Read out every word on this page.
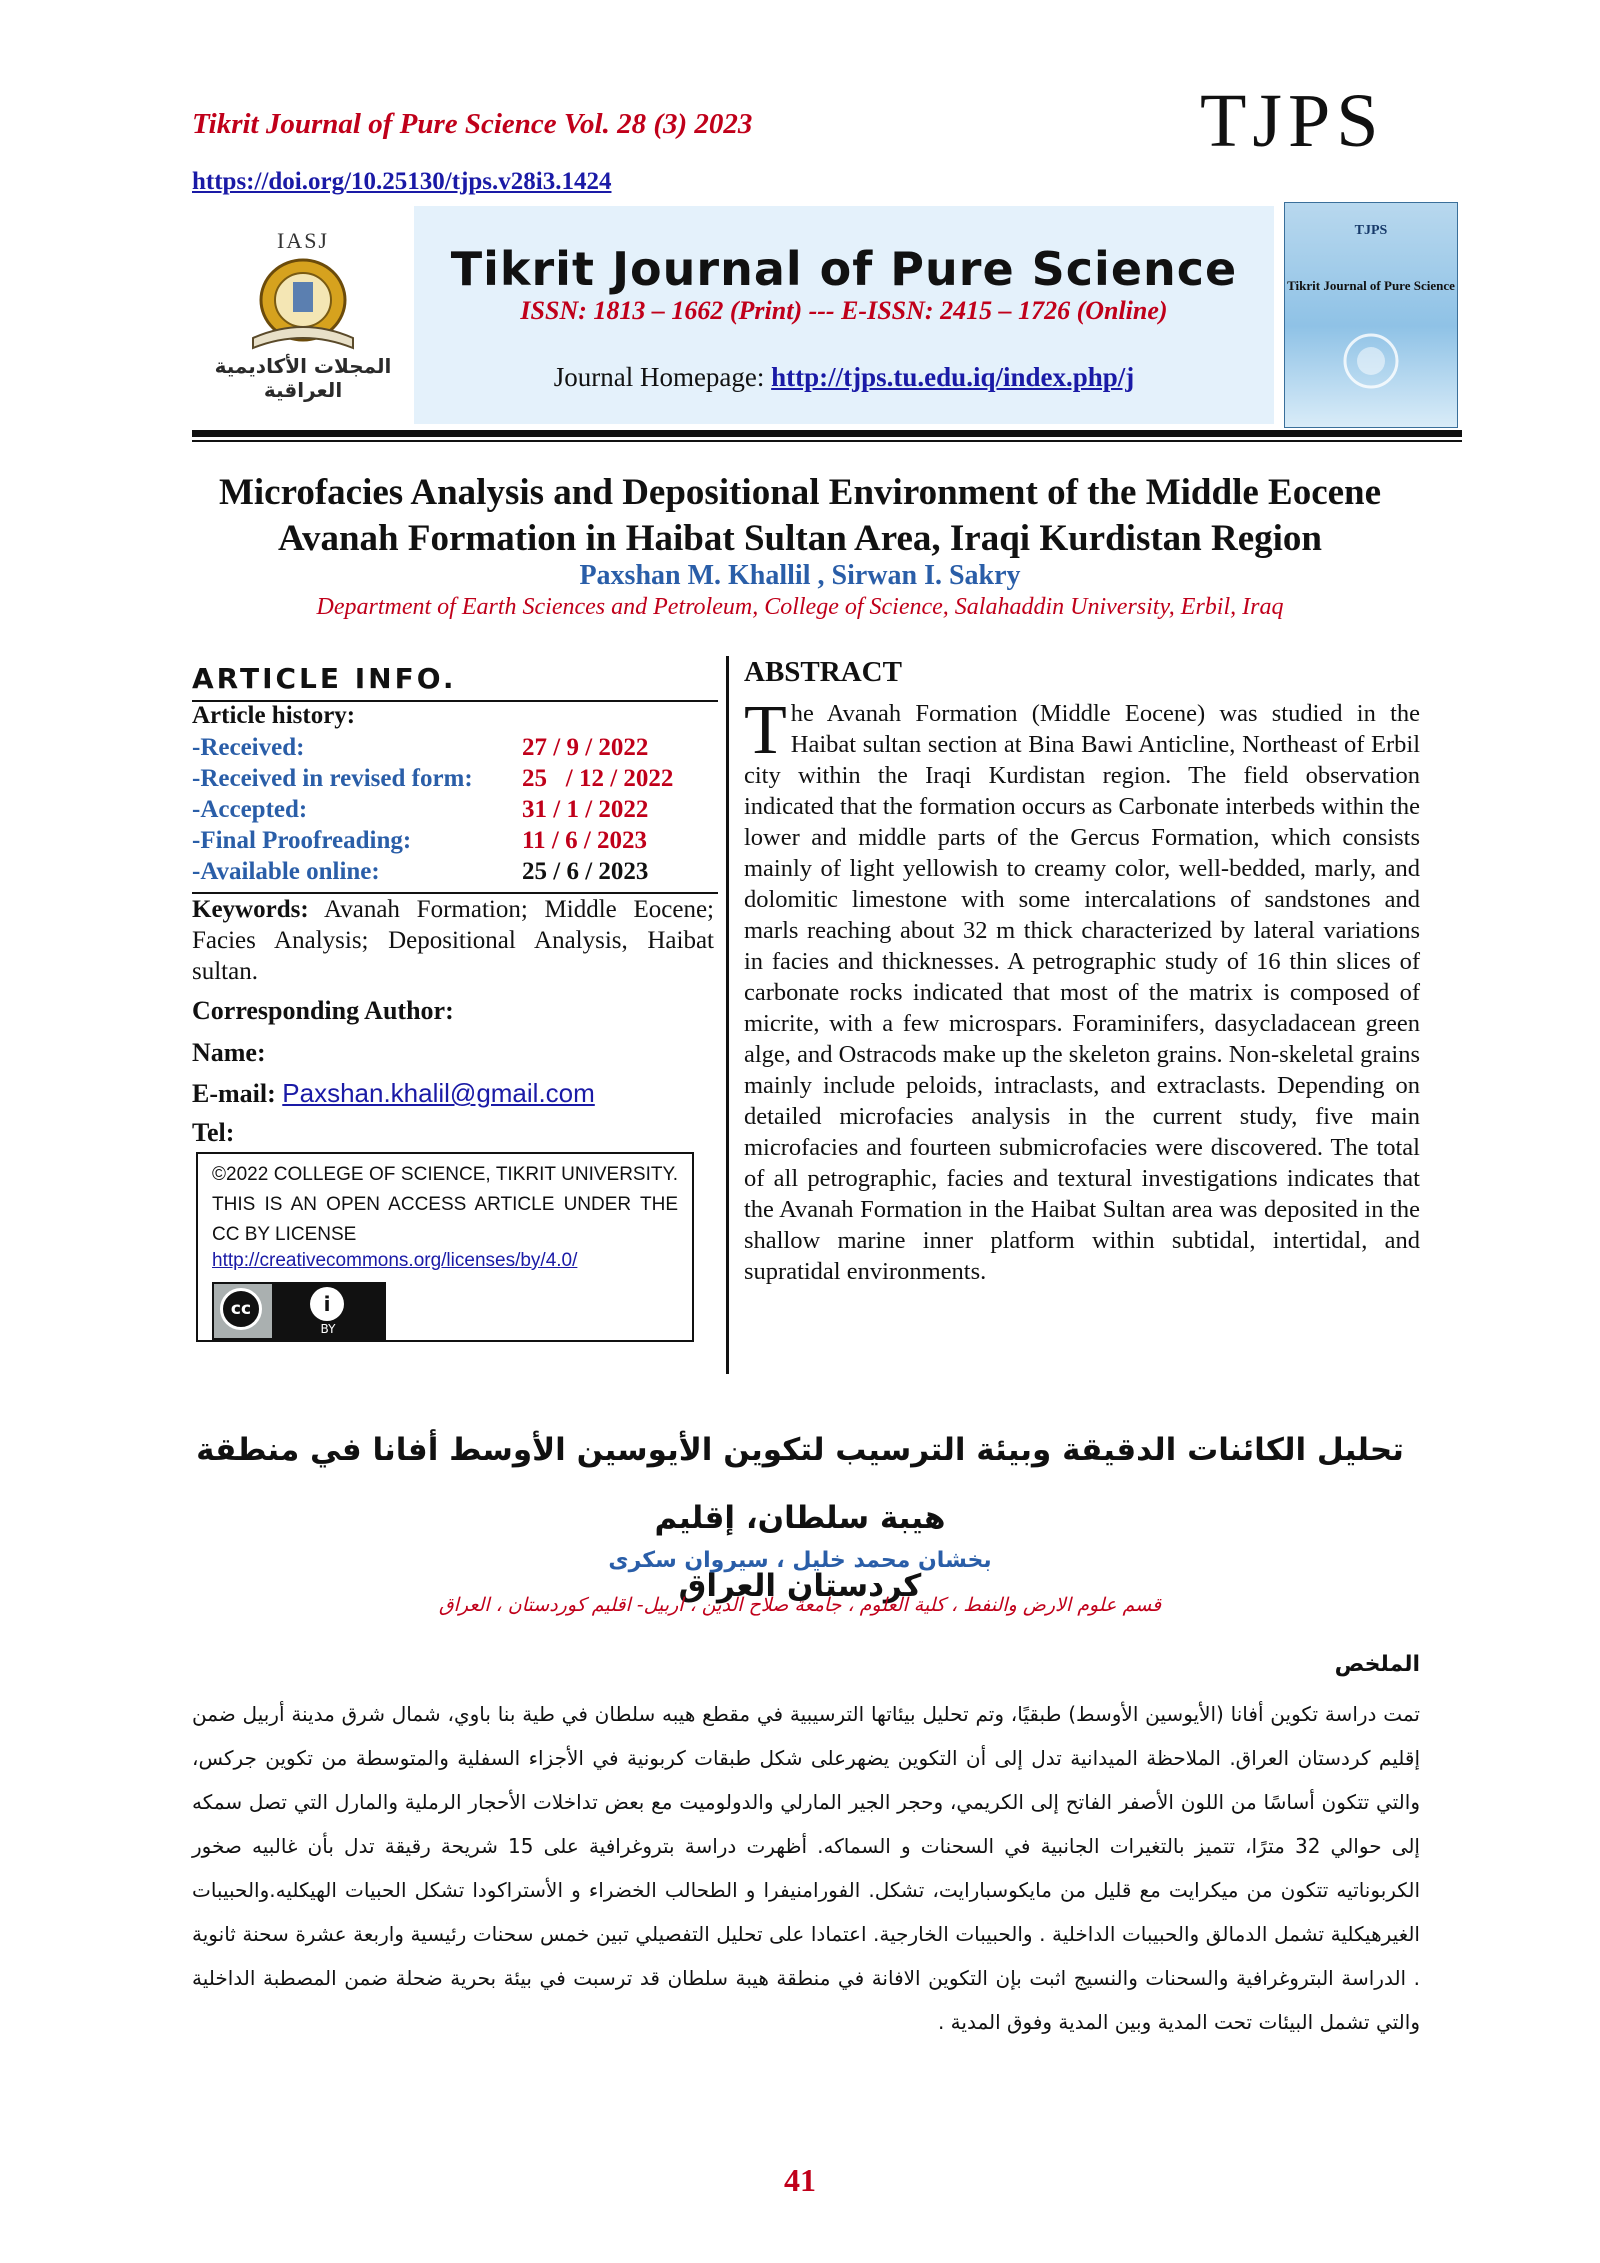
Tikrit Journal of Pure Science Vol. 28 (3) 2023
https://doi.org/10.25130/tjps.v28i3.1424
TJPS
IASJ
المجلات الأكاديمية العراقية
Tikrit Journal of Pure Science
ISSN: 1813 – 1662 (Print) --- E-ISSN: 2415 – 1726 (Online)
Journal Homepage: http://tjps.tu.edu.iq/index.php/j
TJPS
Tikrit Journal of Pure Science
Microfacies Analysis and Depositional Environment of the Middle Eocene
Avanah Formation in Haibat Sultan Area, Iraqi Kurdistan Region
Paxshan M. Khallil , Sirwan I. Sakry
Department of Earth Sciences and Petroleum, College of Science, Salahaddin University, Erbil, Iraq
ARTICLE INFO.
Article history:
-Received:	27 / 9 / 2022
-Received in revised form: 25   / 12 / 2022
-Accepted:	31 / 1 / 2022
-Final Proofreading:	11 / 6 / 2023
-Available online:	25 / 6 / 2023
Keywords: Avanah Formation; Middle Eocene; Facies Analysis; Depositional Analysis, Haibat sultan.
Corresponding Author:
Name:
E-mail: Paxshan.khalil@gmail.com
Tel:
©2022 COLLEGE OF SCIENCE, TIKRIT UNIVERSITY. THIS IS AN OPEN ACCESS ARTICLE UNDER THE CC BY LICENSE
http://creativecommons.org/licenses/by/4.0/
cc	i
BY
ABSTRACT
The Avanah Formation (Middle Eocene) was studied in the Haibat sultan section at Bina Bawi Anticline, Northeast of Erbil city within the Iraqi Kurdistan region. The field observation indicated that the formation occurs as Carbonate interbeds within the lower and middle parts of the Gercus Formation, which consists mainly of light yellowish to creamy color, well-bedded, marly, and dolomitic limestone with some intercalations of sandstones and marls reaching about 32 m thick characterized by lateral variations in facies and thicknesses. A petrographic study of 16 thin slices of carbonate rocks indicated that most of the matrix is composed of micrite, with a few microspars. Foraminifers, dasycladacean green alge, and Ostracods make up the skeleton grains. Non-skeletal grains mainly include peloids, intraclasts, and extraclasts. Depending on detailed microfacies analysis in the current study, five main microfacies and fourteen submicrofacies were discovered. The total of all petrographic, facies and textural investigations indicates that the Avanah Formation in the Haibat Sultan area was deposited in the shallow marine inner platform within subtidal, intertidal, and supratidal environments.
تحليل الكائنات الدقيقة وبيئة الترسيب لتكوين الأيوسين الأوسط أفانا في منطقة هيبة سلطان، إقليم
كردستان العراق
بخشان محمد خليل ، سيروان سكرى
قسم علوم الارض والنفط ، كلية العلوم ، جامعة صلاح الدين ، اربيل- اقليم كوردستان ، العراق
الملخص
تمت دراسة تكوين أفانا (الأيوسين الأوسط) طبقيًا، وتم تحليل بيئاتها الترسيبية في مقطع هيبه سلطان في طية بنا باوي، شمال شرق مدينة أربيل ضمن إقليم كردستان العراق. الملاحظة الميدانية تدل إلى أن التكوين يضهرعلى شكل طبقات كربونية في الأجزاء السفلية والمتوسطة من تكوين جركس، والتي تتكون أساسًا من اللون الأصفر الفاتح إلى الكريمي، وحجر الجير المارلي والدولوميت مع بعض تداخلات الأحجار الرملية والمارل التي تصل سمكه إلى حوالي 32 مترًا، تتميز بالتغيرات الجانبية في السحنات و السماكه. أظهرت دراسة بتروغرافية على 15 شريحة رقيقة تدل بأن غالبيه صخور الكربوناتيه تتكون من ميكرايت مع قليل من مايكوسبارايت، تشكل. الفورامنيفرا و الطحالب الخضراء و الأستراكودا تشكل الحبيات الهيكليه.والحبيبات الغيرهيكلية تشمل الدمالق والحبيبات الداخلية . والحبيبات الخارجية. اعتمادا على تحليل التفصيلي تبين خمس سحنات رئيسية واربعة عشرة سحنة ثانوية . الدراسة البتروغرافية والسحنات والنسيج اثبت بإن التكوين الافانة في منطقة هيبة سلطان قد ترسبت في بيئة بحرية ضحلة ضمن المصطبة الداخلية والتي تشمل البيئات تحت المدية وبين المدية وفوق المدية .
41
